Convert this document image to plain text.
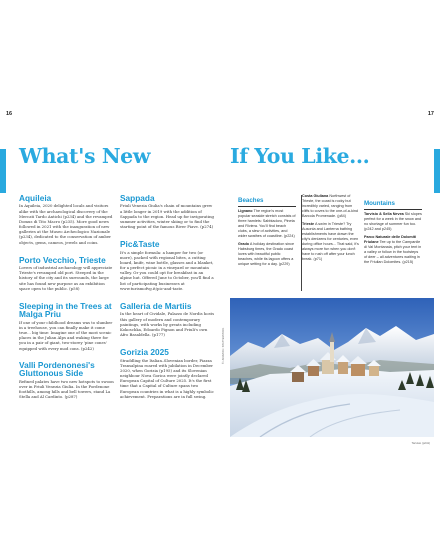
16	17
What's New	If You Like...
Aquileia
In Aquileia, 2020 delighted locals and visitors alike with the archaeological discovery of the Mercati Tardo Antichi (p234) and the revamped Domus di Tito Macro (p235). More good news followed in 2021 with the inauguration of new galleries at the Museo Archeologico Nazionale (p234), dedicated to the conservation of amber objects, gems, cameos, jewels and coins.
Porto Vecchio, Trieste
Lovers of industrial archaeology will appreciate Trieste's revamped old port. Steeped in the history of the city and its surrounds, the large site has found new purpose as an exhibition space open to the public. (p58)
Sleeping in the Trees at Malga Priu
If one of your childhood dreams was to slumber in a treehouse, you can finally make it come true... big time: Imagine one of the most scenic places in the Julian Alps and waking there for you in a pair of giant, two-storey 'pine cones' equipped with every mod cons. (p242)
Valli Pordenonesi's Gluttonous Side
Refined palates have two new hotspots to swoon over in Friuli Venezia Giulia. In the Pordenone foothills, among hills and bell towers, stand La Stella and Al Cardinto. (p287)
Sappada
Friuli Venezia Giulia's chain of mountains grew a little longer in 2019 with the addition of Sappada to the region. Head up for invigorating summer activities, winter skiing or to find the starting point of the famous River Piave. (p274)
Pic&Taste
It's a simple formula: a hamper for two (or more), packed with regional bites, a cutting board, knife, wine bottle, glasses and a blanket, for a perfect picnic in a vineyard or mountain valley. Or you could opt for breakfast in an alpine hut. Offered June to October, you'll find a list of participating businesses at www.turismofvg.it/pic-and-taste.
Galleria de Martiis
In the heart of Cividale, Palazzo de Nordis hosts this gallery of modern and contemporary paintings, with works by greats including Kokoschka, Edoardo Pignon and Friuli's own Afro Basaldella. (p177)
Gorizia 2025
Straddling the Italian–Slovenian border, Piazza Transalpina roared with jubilation in December 2020, when Gorizia (p195) and its Slovenian neighbour Nova Gorica were jointly declared European Capital of Culture 2025. It's the first time that a Capital of Culture spans two European countries in what is a highly symbolic achievement. Preparations are in full swing.
Beaches
Lignano The region's most popular seaside stretch consists of three hamlets: Sabbiadoro, Pineta and Riviera. You'll find beach clubs, a slew of activities, and wider swathes of coastline. (p224)
Grado A holiday destination since Habsburg times, the Grado coast loves with beautiful public beaches, while its lagoon offers a unique setting for a day. (p229)
Costa Giuliana Northwest of Trieste, the coast is rocky but incredibly varied, ranging from cliffs to coves to the one-of-a-kind Barcola Promenade. (p84)
Trieste A swim in Trieste? Try Ausonia and Lanterna bathing establishments have drawn the city's denizens for centuries, even during office hours... That said, it's always more fun when you don't have to rush off after your lunch break. (p71)
Mountains
Tarvisio & Sella Nevea Ski slopes perfect for a week in the snow and no shortage of summer fun too. (p242 and p245)
Parco Naturale delle Dolomiti Friulane Tee up to the Campanile di Val Montanaia, pitch your tent in a valley or follow in the footsteps of deer – all adventures waiting in the Friulian Dolomites. (p215)
© LINDAHOR / SHUTTERSTOCK
Tarvisio (p241)
